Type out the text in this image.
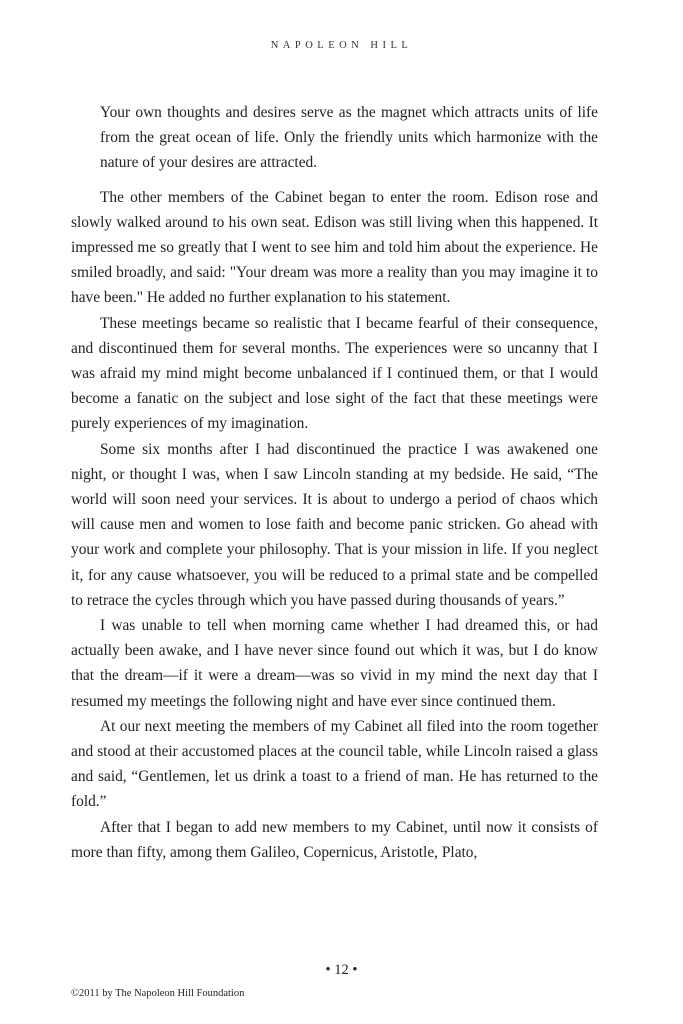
NAPOLEON HILL

Your own thoughts and desires serve as the magnet which attracts units of life from the great ocean of life. Only the friendly units which harmonize with the nature of your desires are attracted.

The other members of the Cabinet began to enter the room. Edison rose and slowly walked around to his own seat. Edison was still living when this happened. It impressed me so greatly that I went to see him and told him about the experience. He smiled broadly, and said: "Your dream was more a reality than you may imagine it to have been." He added no further explanation to his statement.

These meetings became so realistic that I became fearful of their consequence, and discontinued them for several months. The experiences were so uncanny that I was afraid my mind might become unbalanced if I continued them, or that I would become a fanatic on the subject and lose sight of the fact that these meetings were purely experiences of my imagination.

Some six months after I had discontinued the practice I was awakened one night, or thought I was, when I saw Lincoln standing at my bedside. He said, “The world will soon need your services. It is about to undergo a period of chaos which will cause men and women to lose faith and become panic stricken. Go ahead with your work and complete your philosophy. That is your mission in life. If you neglect it, for any cause whatsoever, you will be reduced to a primal state and be compelled to retrace the cycles through which you have passed during thousands of years.”

I was unable to tell when morning came whether I had dreamed this, or had actually been awake, and I have never since found out which it was, but I do know that the dream—if it were a dream—was so vivid in my mind the next day that I resumed my meetings the following night and have ever since continued them.

At our next meeting the members of my Cabinet all filed into the room together and stood at their accustomed places at the council table, while Lincoln raised a glass and said, “Gentlemen, let us drink a toast to a friend of man. He has returned to the fold.”

After that I began to add new members to my Cabinet, until now it consists of more than fifty, among them Galileo, Copernicus, Aristotle, Plato,

• 12 •
©2011 by The Napoleon Hill Foundation
